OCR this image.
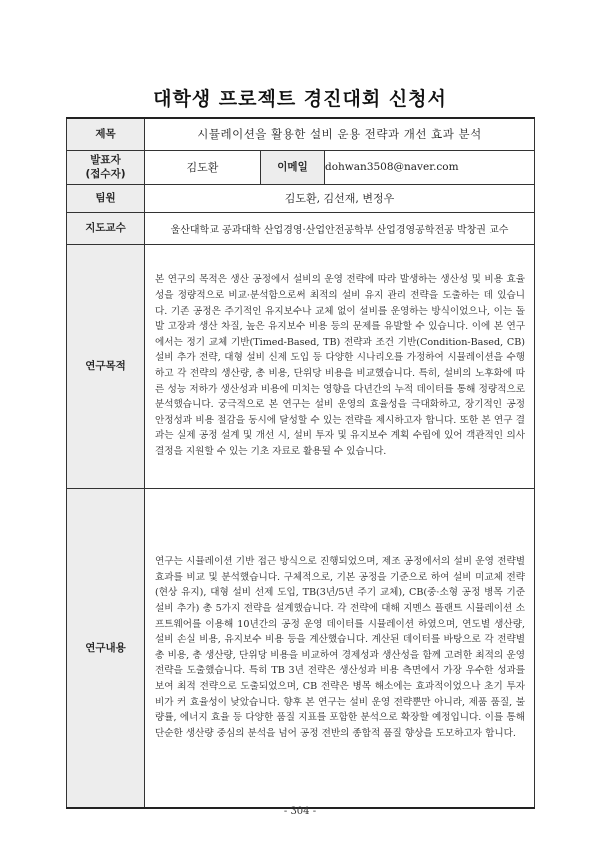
대학생 프로젝트 경진대회 신청서
제목	시뮬레이션을 활용한 설비 운용 전략과 개선 효과 분석		

발표자
(접수자)	김도환	이메일	dohwan3508@naver.com
팀원	김도환, 김선재, 변정우		
지도교수	울산대학교 공과대학 산업경영·산업안전공학부 산업경영공학전공 박창권 교수		
연구목적	본 연구의 목적은 생산 공정에서 설비의 운영 전략에 따라 발생하는 생산성 및 비용 효율성을 정량적으로 비교·분석함으로써 최적의 설비 유지 관리 전략을 도출하는 데 있습니다. 기존 공정은 주기적인 유지보수나 교체 없이 설비를 운영하는 방식이었으나, 이는 돌발 고장과 생산 차질, 높은 유지보수 비용 등의 문제를 유발할 수 있습니다. 이에 본 연구에서는 정기 교체 기반(Timed-Based, TB) 전략과 조건 기반(Condition-Based, CB) 설비 추가 전략, 대형 설비 신제 도입 등 다양한 시나리오를 가정하여 시뮬레이션을 수행하고 각 전략의 생산량, 총 비용, 단위당 비용을 비교했습니다. 특히, 설비의 노후화에 따른 성능 저하가 생산성과 비용에 미치는 영향을 다년간의 누적 데이터를 통해 정량적으로 분석했습니다. 궁극적으로 본 연구는 설비 운영의 효율성을 극대화하고, 장기적인 공정 안정성과 비용 절감을 동시에 달성할 수 있는 전략을 제시하고자 합니다. 또한 본 연구 결과는 실제 공정 설계 및 개선 시, 설비 투자 및 유지보수 계획 수립에 있어 객관적인 의사결정을 지원할 수 있는 기초 자료로 활용될 수 있습니다.		

연구내용	연구는 시뮬레이션 기반 접근 방식으로 진행되었으며, 제조 공정에서의 설비 운영 전략별 효과를 비교 및 분석했습니다. 구체적으로, 기본 공정을 기준으로 하여 설비 미교체 전략(현상 유지), 대형 설비 선제 도입, TB(3년/5년 주기 교체), CB(중·소형 공정 병목 기준 설비 추가) 총 5가지 전략을 설계했습니다. 각 전략에 대해 지멘스 플랜트 시뮬레이션 소프트웨어를 이용해 10년간의 공정 운영 데이터를 시뮬레이션 하였으며, 연도별 생산량, 설비 손실 비용, 유지보수 비용 등을 계산했습니다. 계산된 데이터를 바탕으로 각 전략별 총 비용, 총 생산량, 단위당 비용을 비교하여 경제성과 생산성을 함께 고려한 최적의 운영 전략을 도출했습니다. 특히 TB 3년 전략은 생산성과 비용 측면에서 가장 우수한 성과를 보여 최적 전략으로 도출되었으며, CB 전략은 병목 해소에는 효과적이었으나 초기 투자비가 커 효율성이 낮았습니다. 향후 본 연구는 설비 운영 전략뿐만 아니라, 제품 품질, 불량률, 에너지 효율 등 다양한 품질 지표를 포함한 분석으로 확장할 예정입니다. 이를 통해 단순한 생산량 중심의 분석을 넘어 공정 전반의 종합적 품질 향상을 도모하고자 합니다.		
- 304 -
